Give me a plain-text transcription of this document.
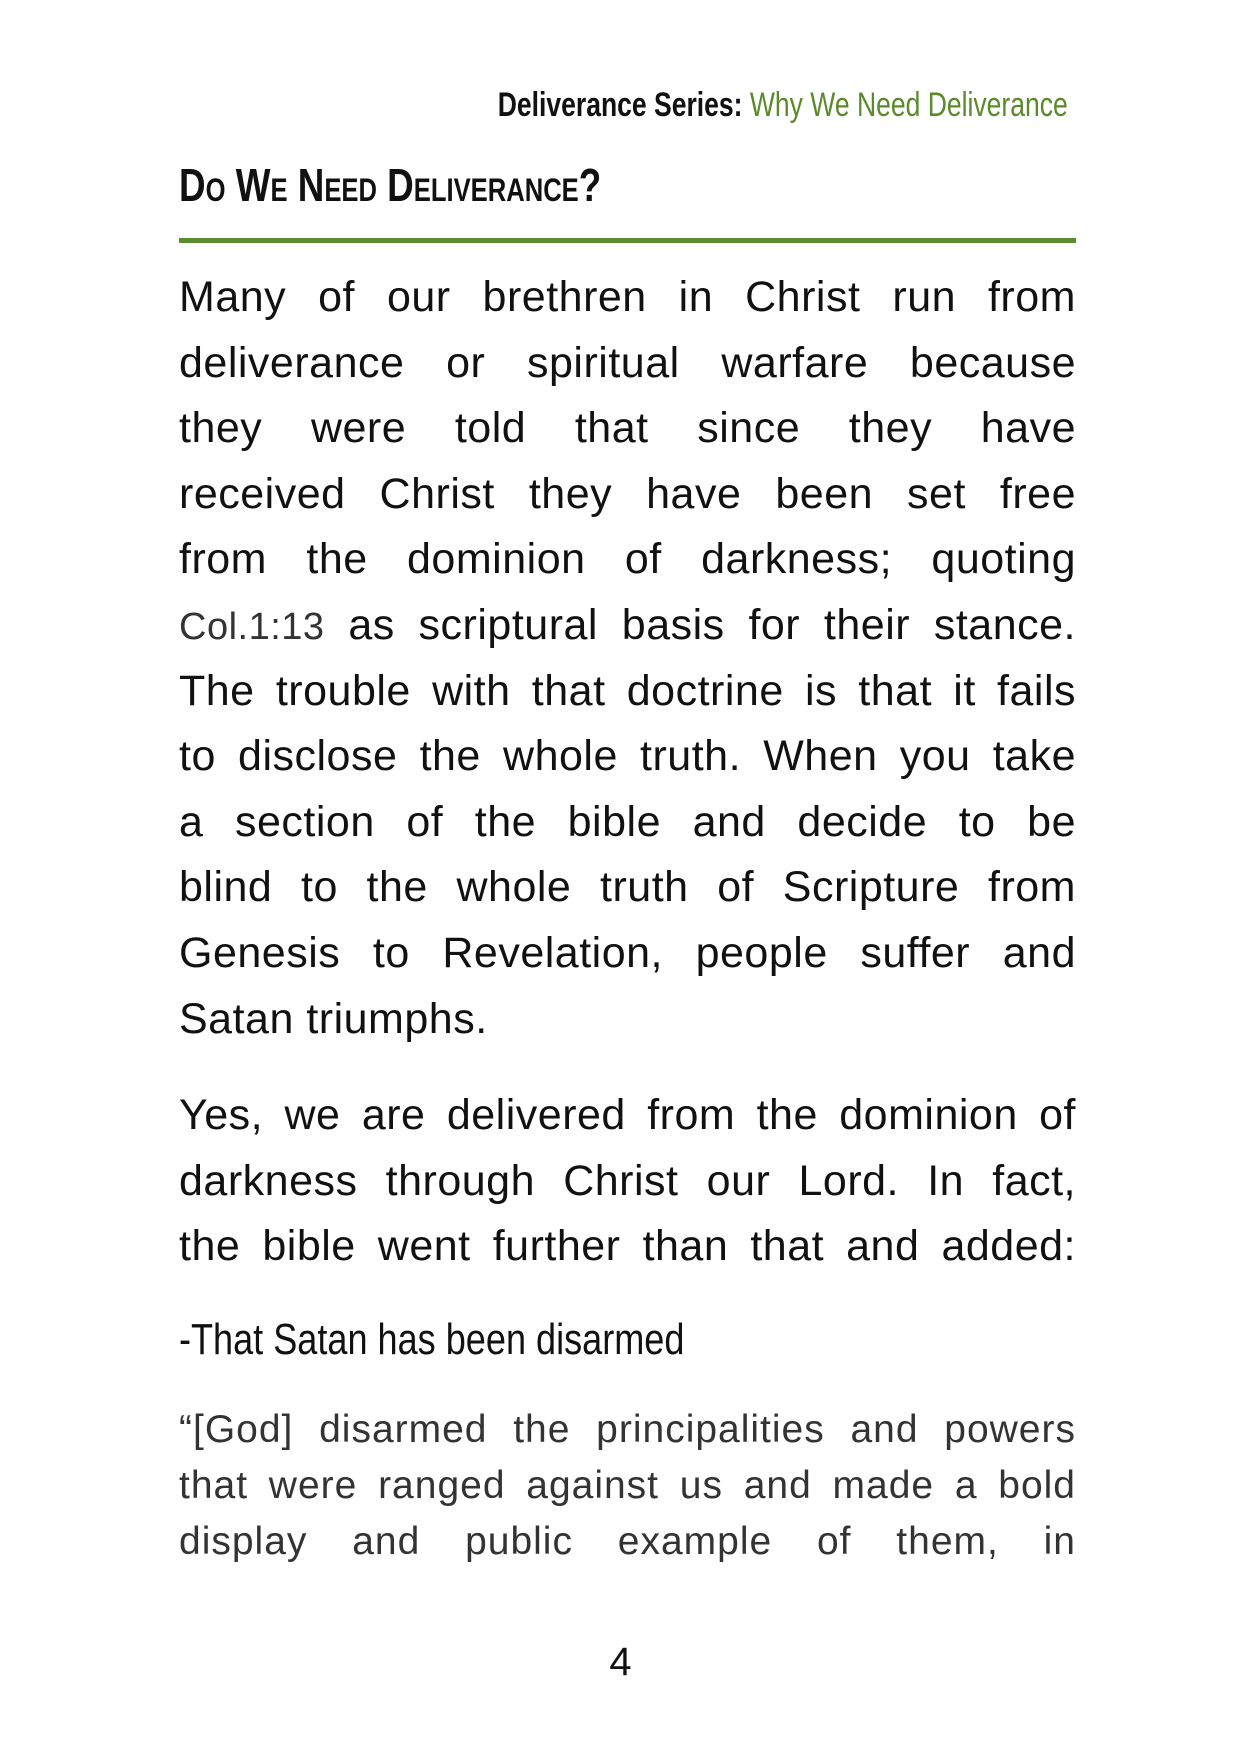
Deliverance Series: Why We Need Deliverance
Do We Need Deliverance?
Many of our brethren in Christ run from
deliverance or spiritual warfare because
they were told that since they have
received Christ they have been set free
from the dominion of darkness; quoting
Col.1:13 as scriptural basis for their stance.
The trouble with that doctrine is that it fails
to disclose the whole truth. When you take
a section of the bible and decide to be
blind to the whole truth of Scripture from
Genesis to Revelation, people suffer and
Satan triumphs.
Yes, we are delivered from the dominion of
darkness through Christ our Lord. In fact,
the bible went further than that and added:
-That Satan has been disarmed
“[God] disarmed the principalities and powers
that were ranged against us and made a bold
display and public example of them, in
4
